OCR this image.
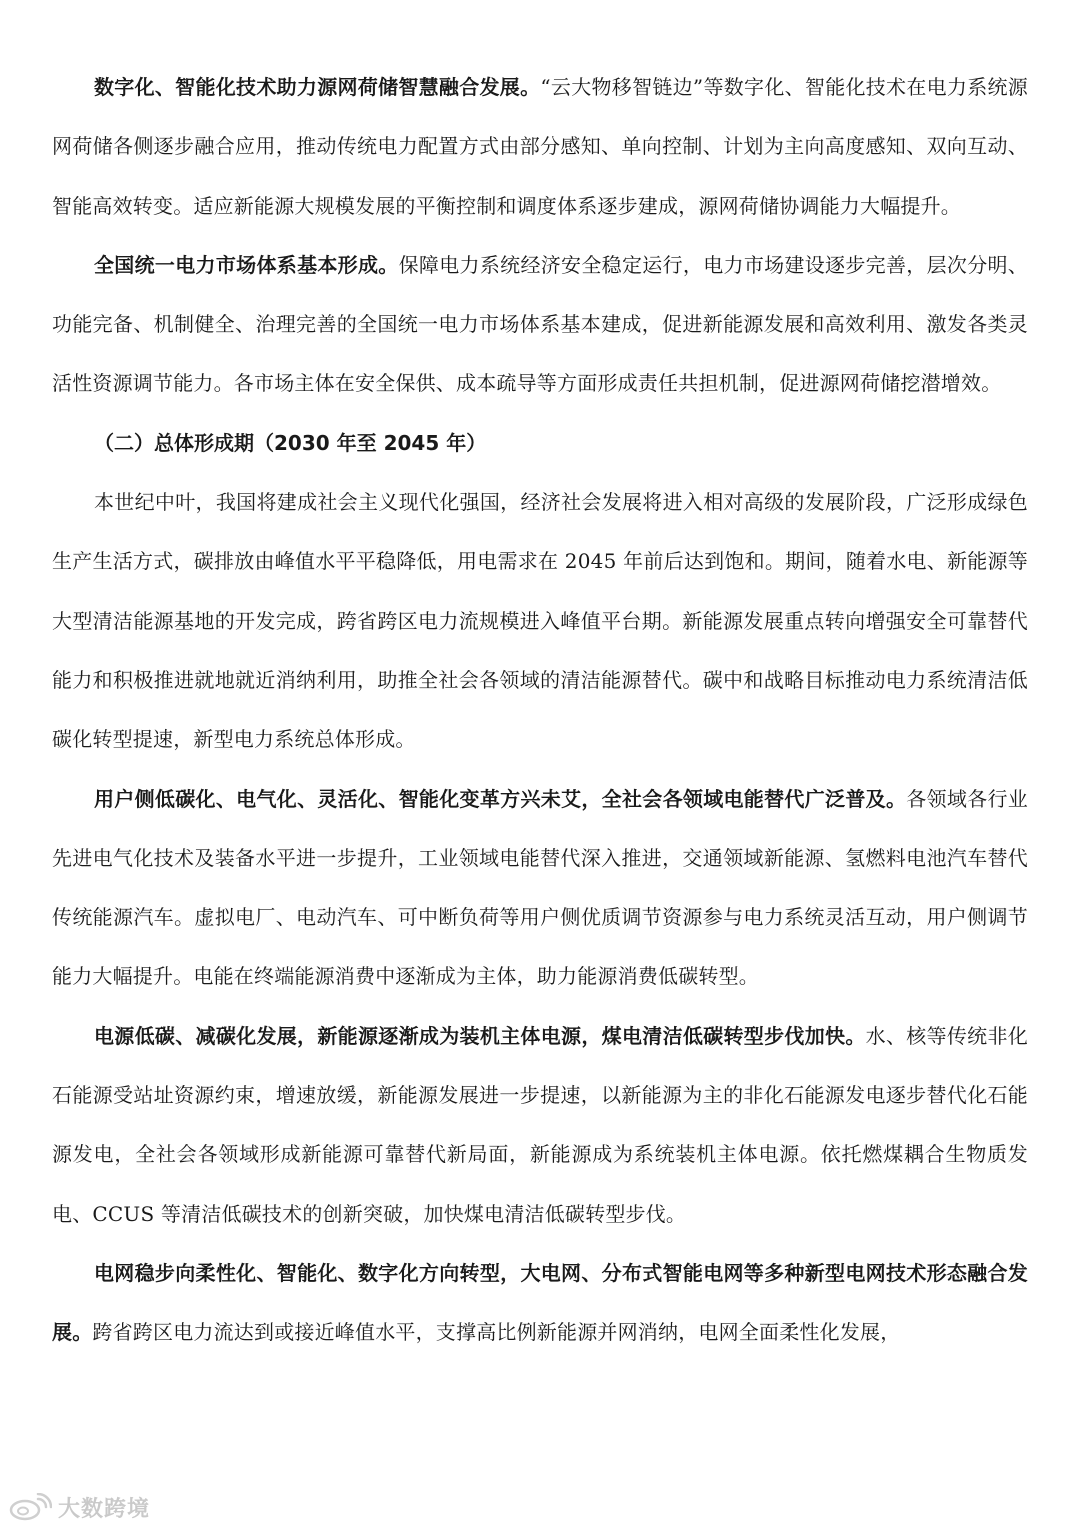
数字化、智能化技术助力源网荷储智慧融合发展。“云大物移智链边”等数字化、智能化技术在电力系统源网荷储各侧逐步融合应用，推动传统电力配置方式由部分感知、单向控制、计划为主向高度感知、双向互动、智能高效转变。适应新能源大规模发展的平衡控制和调度体系逐步建成，源网荷储协调能力大幅提升。

全国统一电力市场体系基本形成。保障电力系统经济安全稳定运行，电力市场建设逐步完善，层次分明、功能完备、机制健全、治理完善的全国统一电力市场体系基本建成，促进新能源发展和高效利用、激发各类灵活性资源调节能力。各市场主体在安全保供、成本疏导等方面形成责任共担机制，促进源网荷储挖潜增效。

（二）总体形成期（2030 年至 2045 年）

本世纪中叶，我国将建成社会主义现代化强国，经济社会发展将进入相对高级的发展阶段，广泛形成绿色生产生活方式，碳排放由峰值水平平稳降低，用电需求在 2045 年前后达到饱和。期间，随着水电、新能源等大型清洁能源基地的开发完成，跨省跨区电力流规模进入峰值平台期。新能源发展重点转向增强安全可靠替代能力和积极推进就地就近消纳利用，助推全社会各领域的清洁能源替代。碳中和战略目标推动电力系统清洁低碳化转型提速，新型电力系统总体形成。

用户侧低碳化、电气化、灵活化、智能化变革方兴未艾，全社会各领域电能替代广泛普及。各领域各行业先进电气化技术及装备水平进一步提升，工业领域电能替代深入推进，交通领域新能源、氢燃料电池汽车替代传统能源汽车。虚拟电厂、电动汽车、可中断负荷等用户侧优质调节资源参与电力系统灵活互动，用户侧调节能力大幅提升。电能在终端能源消费中逐渐成为主体，助力能源消费低碳转型。

电源低碳、减碳化发展，新能源逐渐成为装机主体电源，煤电清洁低碳转型步伐加快。水、核等传统非化石能源受站址资源约束，增速放缓，新能源发展进一步提速，以新能源为主的非化石能源发电逐步替代化石能源发电，全社会各领域形成新能源可靠替代新局面，新能源成为系统装机主体电源。依托燃煤耦合生物质发电、CCUS 等清洁低碳技术的创新突破，加快煤电清洁低碳转型步伐。

电网稳步向柔性化、智能化、数字化方向转型，大电网、分布式智能电网等多种新型电网技术形态融合发展。跨省跨区电力流达到或接近峰值水平，支撑高比例新能源并网消纳，电网全面柔性化发展，

大数跨境
